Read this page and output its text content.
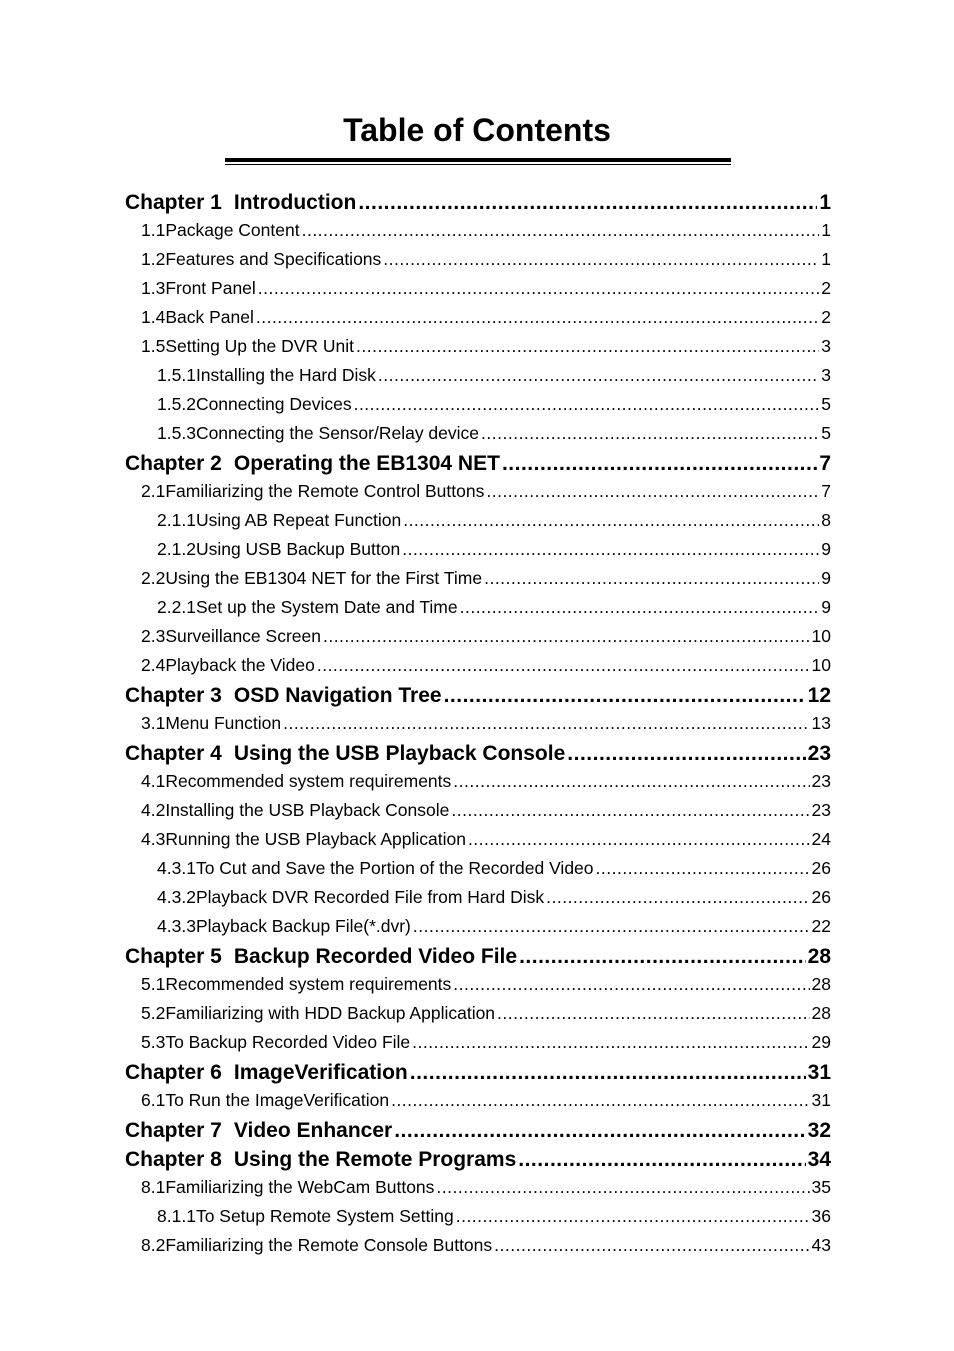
Table of Contents
Chapter 1 Introduction .....	1
1.1 Package Content .....	1
1.2 Features and Specifications .....	1
1.3 Front Panel .....	2
1.4 Back Panel .....	2
1.5 Setting Up the DVR Unit .....	3
1.5.1 Installing the Hard Disk .....	3
1.5.2 Connecting Devices .....	5
1.5.3 Connecting the Sensor/Relay device .....	5
Chapter 2 Operating the EB1304 NET .....	7
2.1 Familiarizing the Remote Control Buttons .....	7
2.1.1 Using AB Repeat Function .....	8
2.1.2 Using USB Backup Button .....	9
2.2 Using the EB1304 NET for the First Time .....	9
2.2.1 Set up the System Date and Time .....	9
2.3 Surveillance Screen .....	10
2.4 Playback the Video .....	10
Chapter 3 OSD Navigation Tree .....	12
3.1 Menu Function .....	13
Chapter 4 Using the USB Playback Console .....	23
4.1 Recommended system requirements .....	23
4.2 Installing the USB Playback Console .....	23
4.3 Running the USB Playback Application .....	24
4.3.1 To Cut and Save the Portion of the Recorded Video .....	26
4.3.2 Playback DVR Recorded File from Hard Disk .....	26
4.3.3 Playback Backup File(*.dvr) .....	22
Chapter 5 Backup Recorded Video File .....	28
5.1 Recommended system requirements .....	28
5.2 Familiarizing with HDD Backup Application .....	28
5.3 To Backup Recorded Video File .....	29
Chapter 6 ImageVerification .....	31
6.1 To Run the ImageVerification .....	31
Chapter 7 Video Enhancer .....	32
Chapter 8 Using the Remote Programs .....	34
8.1 Familiarizing the WebCam Buttons .....	35
8.1.1 To Setup Remote System Setting .....	36
8.2 Familiarizing the Remote Console Buttons .....	43
